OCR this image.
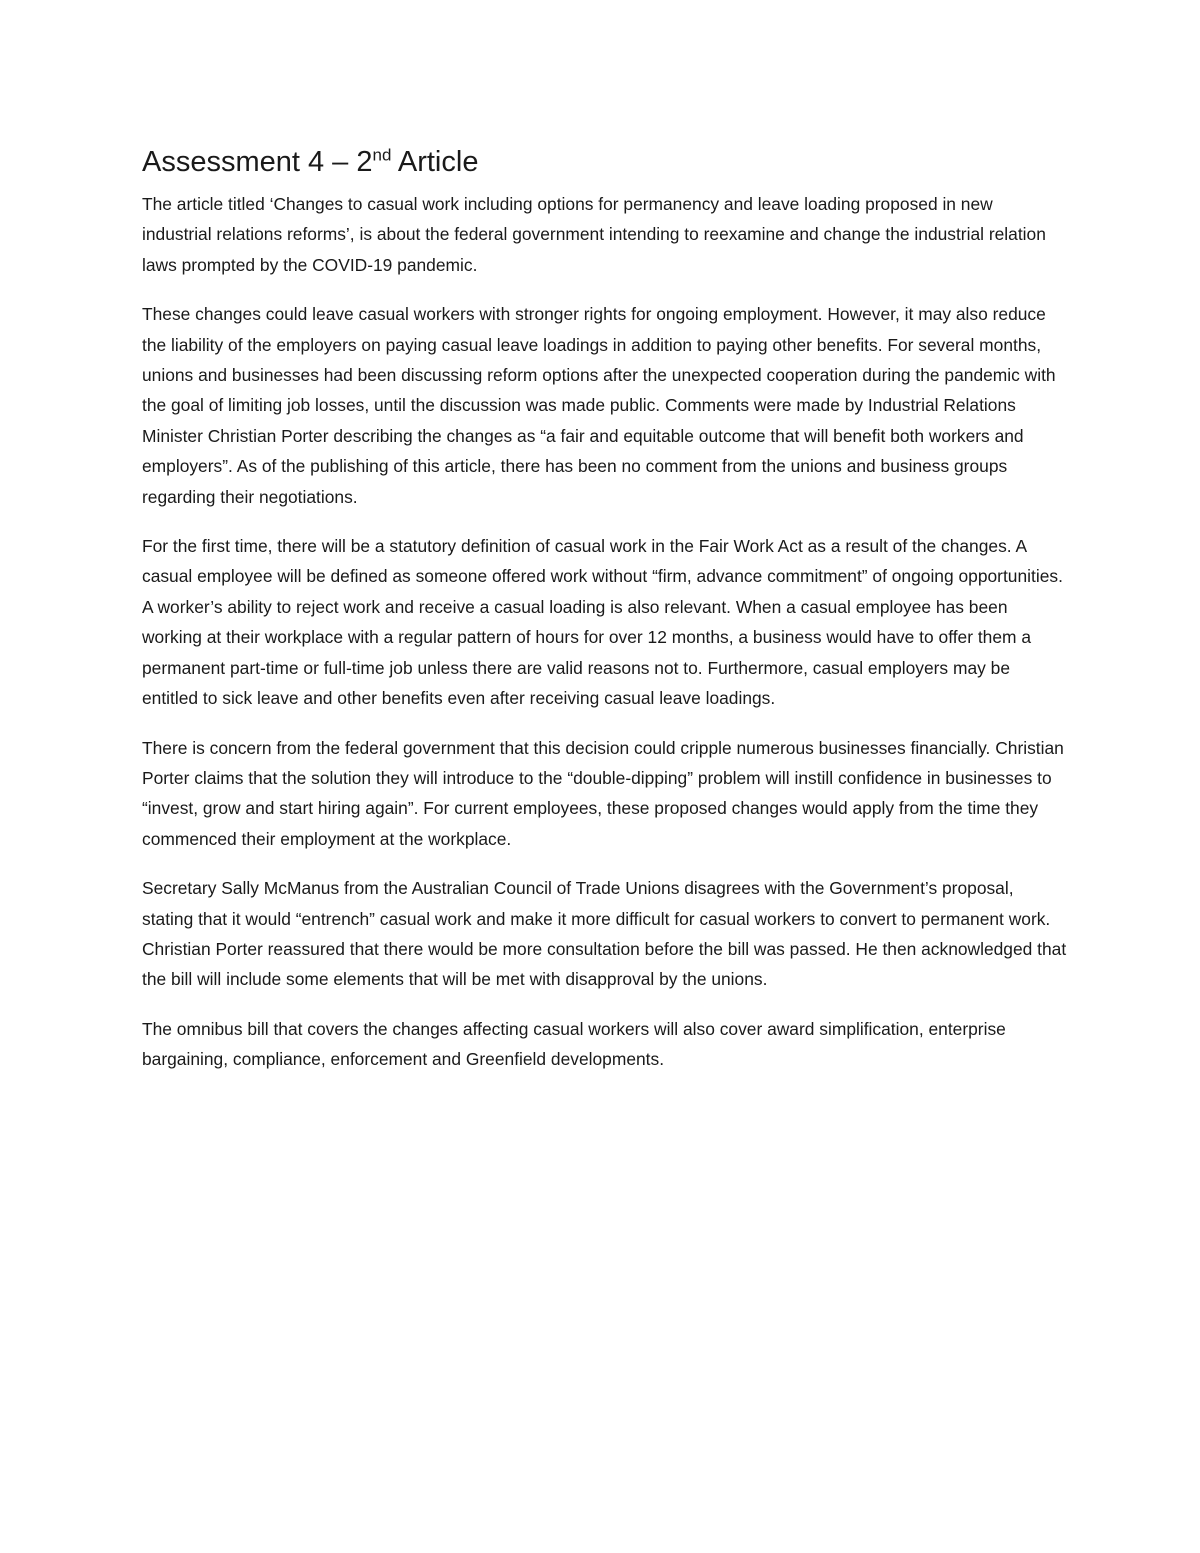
Assessment 4 – 2nd Article

The article titled ‘Changes to casual work including options for permanency and leave loading proposed in new industrial relations reforms’, is about the federal government intending to reexamine and change the industrial relation laws prompted by the COVID-19 pandemic.

These changes could leave casual workers with stronger rights for ongoing employment. However, it may also reduce the liability of the employers on paying casual leave loadings in addition to paying other benefits. For several months, unions and businesses had been discussing reform options after the unexpected cooperation during the pandemic with the goal of limiting job losses, until the discussion was made public. Comments were made by Industrial Relations Minister Christian Porter describing the changes as “a fair and equitable outcome that will benefit both workers and employers”. As of the publishing of this article, there has been no comment from the unions and business groups regarding their negotiations.

For the first time, there will be a statutory definition of casual work in the Fair Work Act as a result of the changes. A casual employee will be defined as someone offered work without “firm, advance commitment” of ongoing opportunities. A worker’s ability to reject work and receive a casual loading is also relevant. When a casual employee has been working at their workplace with a regular pattern of hours for over 12 months, a business would have to offer them a permanent part-time or full-time job unless there are valid reasons not to. Furthermore, casual employers may be entitled to sick leave and other benefits even after receiving casual leave loadings.

There is concern from the federal government that this decision could cripple numerous businesses financially. Christian Porter claims that the solution they will introduce to the “double-dipping” problem will instill confidence in businesses to “invest, grow and start hiring again”. For current employees, these proposed changes would apply from the time they commenced their employment at the workplace.

Secretary Sally McManus from the Australian Council of Trade Unions disagrees with the Government’s proposal, stating that it would “entrench” casual work and make it more difficult for casual workers to convert to permanent work. Christian Porter reassured that there would be more consultation before the bill was passed. He then acknowledged that the bill will include some elements that will be met with disapproval by the unions.

The omnibus bill that covers the changes affecting casual workers will also cover award simplification, enterprise bargaining, compliance, enforcement and Greenfield developments.
